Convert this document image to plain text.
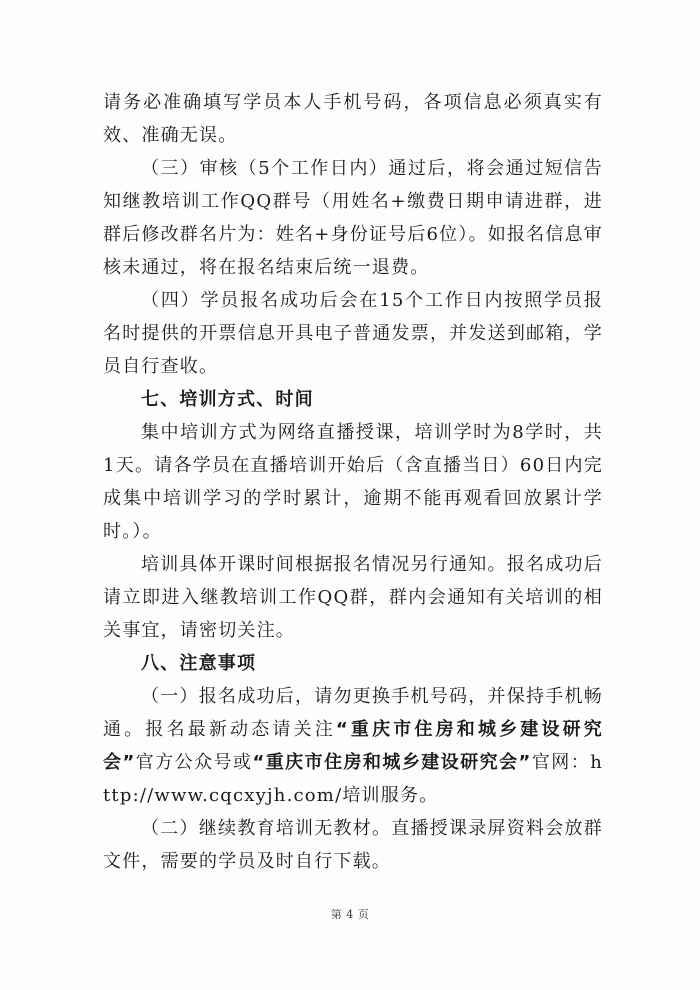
请务必准确填写学员本人手机号码，各项信息必须真实有效、准确无误。

（三）审核（5个工作日内）通过后，将会通过短信告知继教培训工作QQ群号（用姓名+缴费日期申请进群，进群后修改群名片为：姓名+身份证号后6位）。如报名信息审核未通过，将在报名结束后统一退费。

（四）学员报名成功后会在15个工作日内按照学员报名时提供的开票信息开具电子普通发票，并发送到邮箱，学员自行查收。

七、培训方式、时间

集中培训方式为网络直播授课，培训学时为8学时，共1天。请各学员在直播培训开始后（含直播当日）60日内完成集中培训学习的学时累计，逾期不能再观看回放累计学时。）。

培训具体开课时间根据报名情况另行通知。报名成功后请立即进入继教培训工作QQ群，群内会通知有关培训的相关事宜，请密切关注。

八、注意事项

（一）报名成功后，请勿更换手机号码，并保持手机畅通。报名最新动态请关注“重庆市住房和城乡建设研究会”官方公众号或“重庆市住房和城乡建设研究会”官网：http://www.cqcxyjh.com/培训服务。

（二）继续教育培训无教材。直播授课录屏资料会放群文件，需要的学员及时自行下载。

第 4 页
